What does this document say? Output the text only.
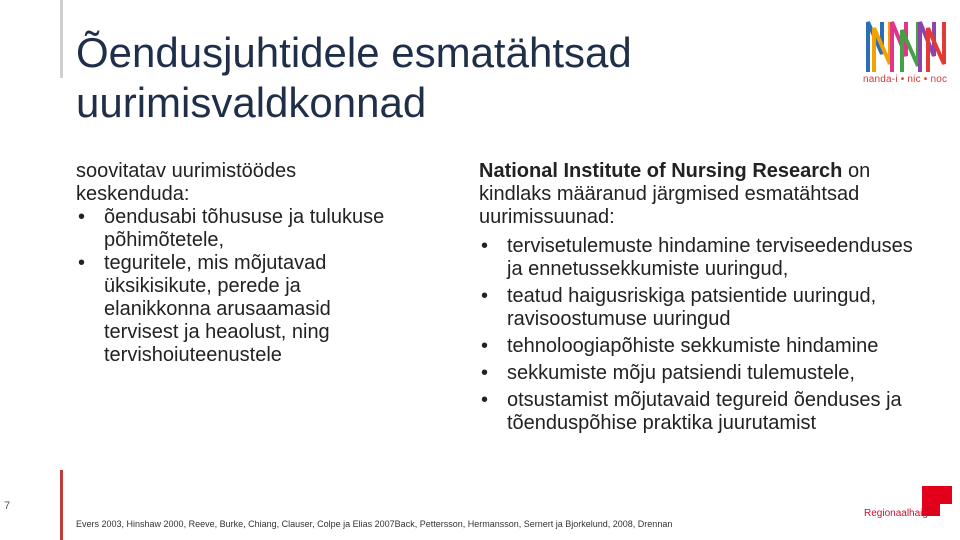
Õendusjuhtidele esmatähtsad
uurimisvaldkonnad	nanda-i • nic • noc

soovitatav uurimistöödes keskenduda:

• õendusabi tõhususe ja tulukuse põhimõtetele,
• teguritele, mis mõjutavad üksikisikute, perede ja elanikkonna arusaamasid tervisest ja heaolust, ning tervishoiuteenustele

National Institute of Nursing Research on kindlaks määranud järgmised esmatähtsad uurimissuunad:

• tervisetulemuste hindamine terviseedenduses ja ennetussekkumiste uuringud,
• teatud haigusriskiga patsientide uuringud, ravisoostumuse uuringud
• tehnoloogiapõhiste sekkumiste hindamine
• sekkumiste mõju patsiendi tulemustele,
• otsustamist mõjutavaid tegureid õenduses ja tõenduspõhise praktika juurutamist
7
Evers 2003, Hinshaw 2000, Reeve, Burke, Chiang, Clauser, Colpe ja Elias 2007Back, Pettersson, Hermansson, Sernert ja Bjorkelund, 2008, Drennan
Regionaalhaigla
